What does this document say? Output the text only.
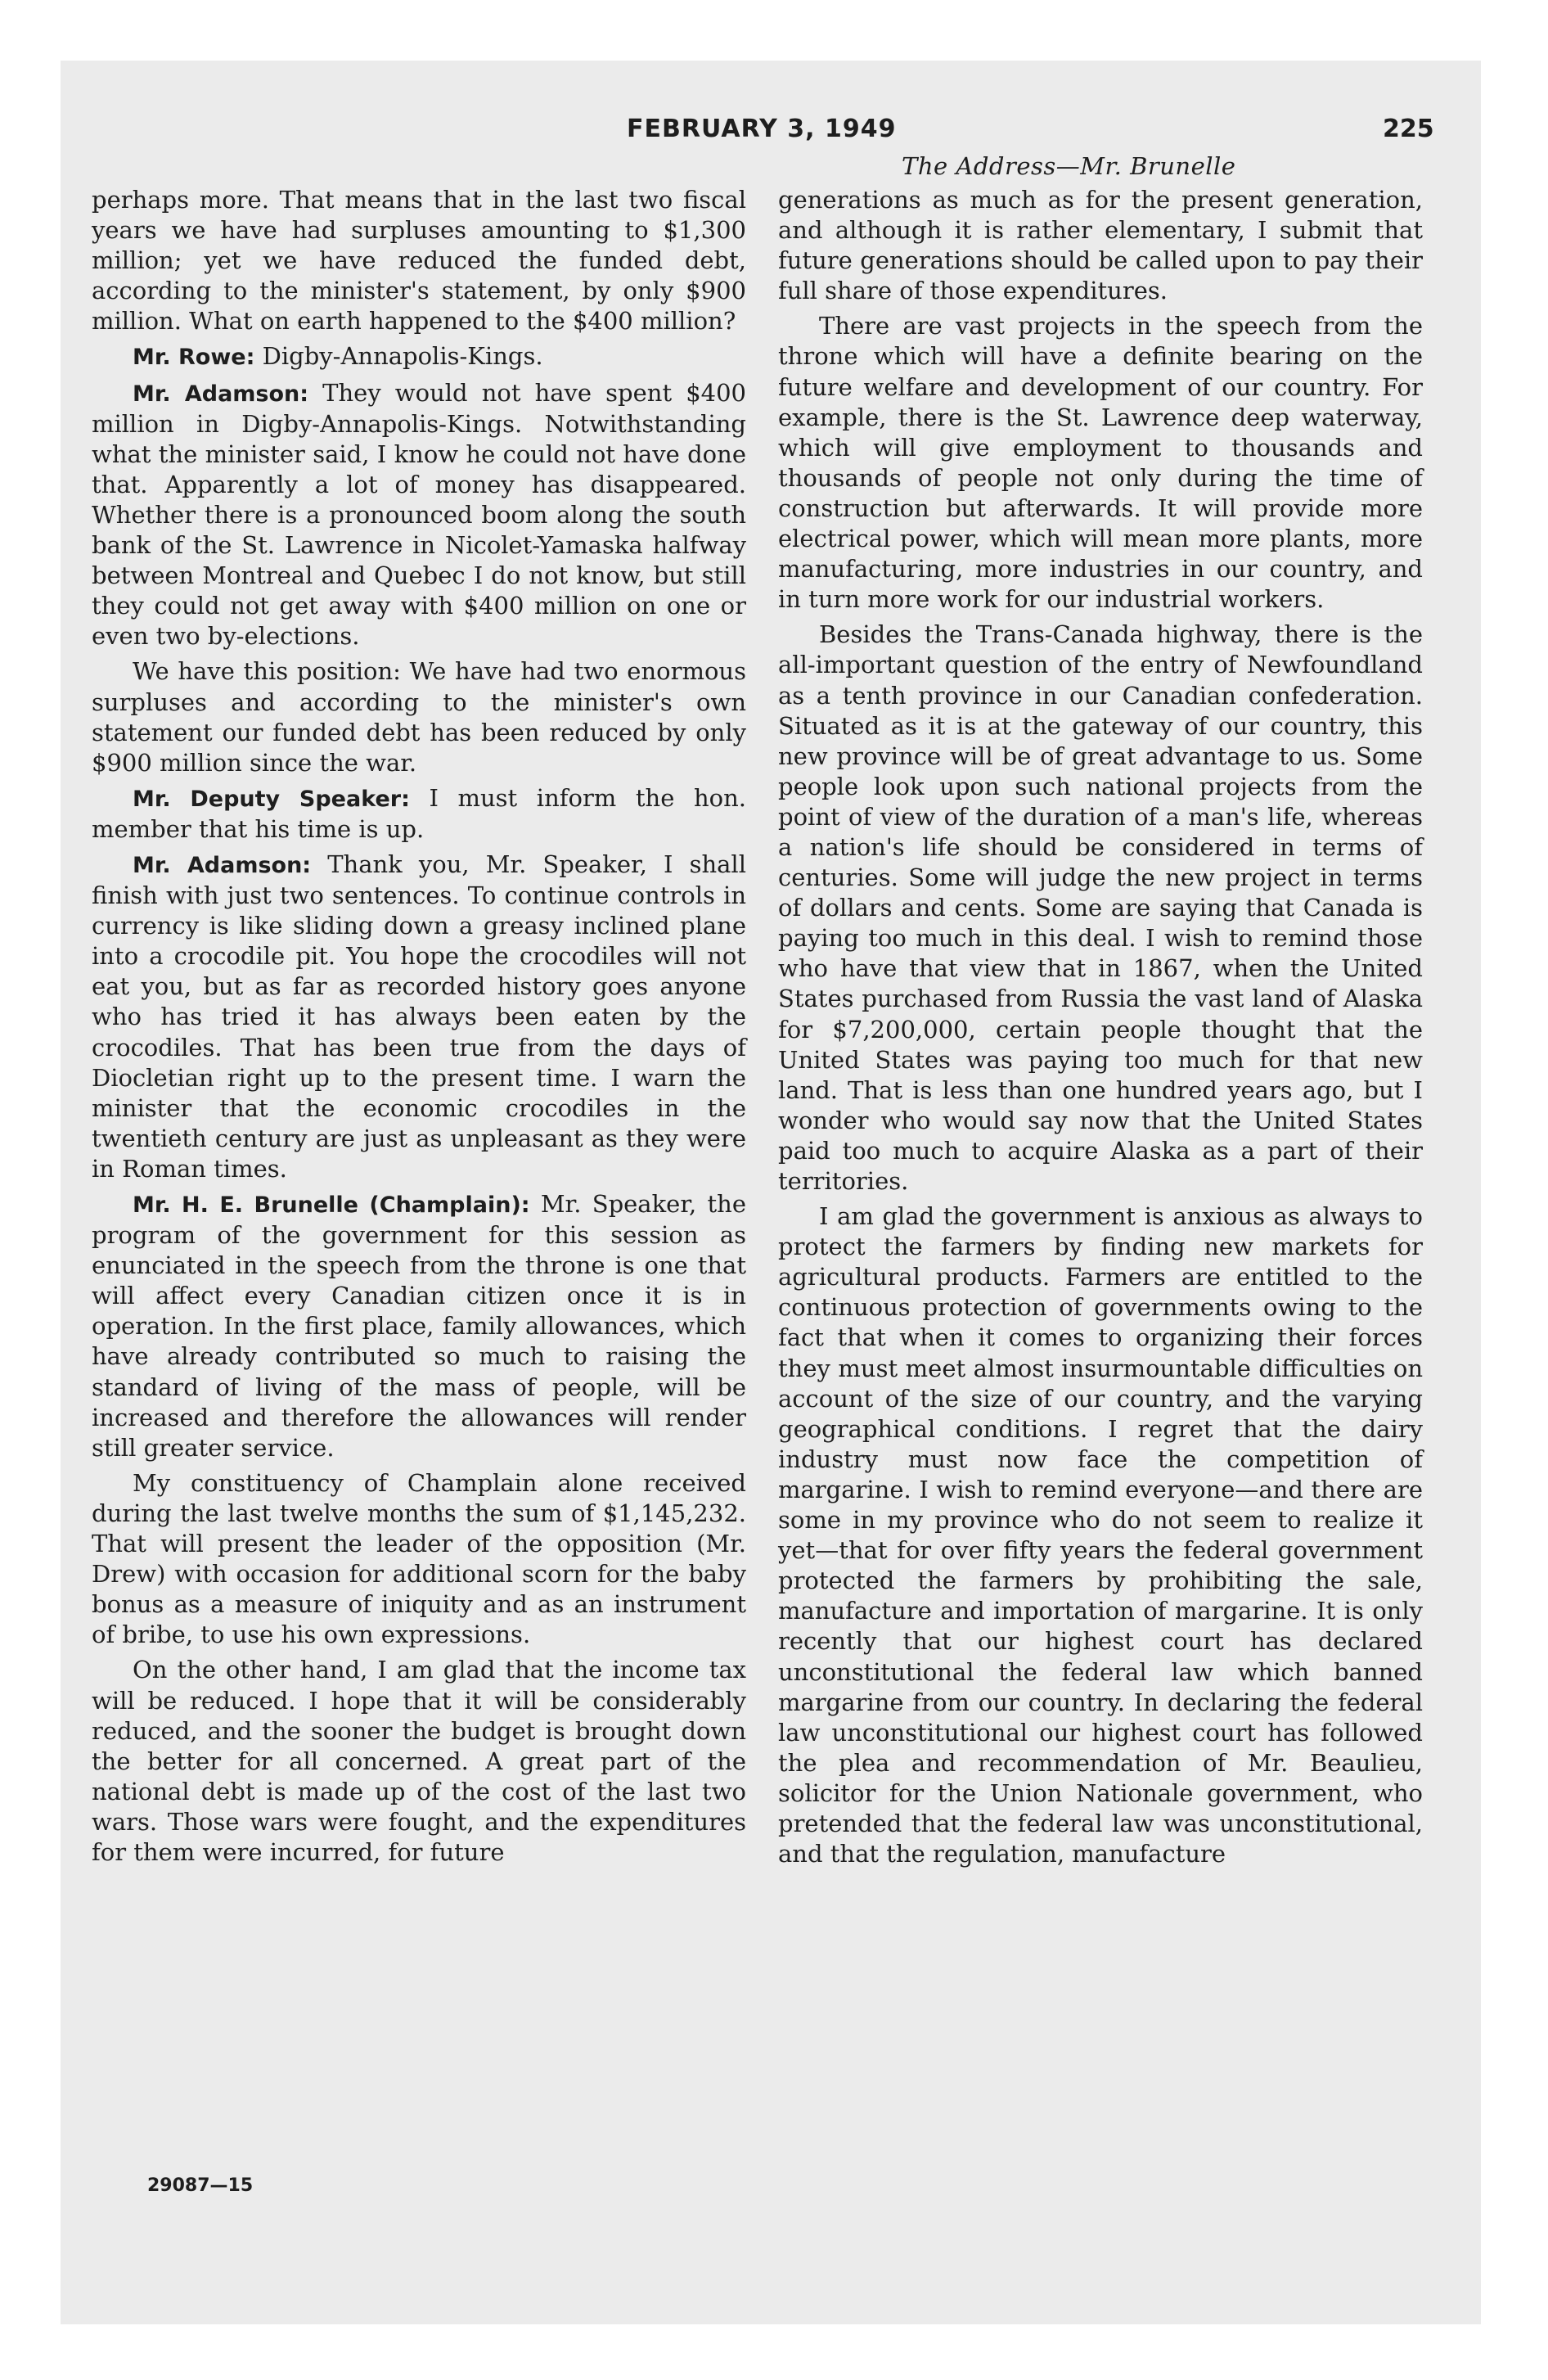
FEBRUARY 3, 1949	225
The Address—Mr. Brunelle

perhaps more. That means that in the last two fiscal years we have had surpluses amounting to $1,300 million; yet we have reduced the funded debt, according to the minister's statement, by only $900 million. What on earth happened to the $400 million?

Mr. Rowe: Digby-Annapolis-Kings.

Mr. Adamson: They would not have spent $400 million in Digby-Annapolis-Kings. Notwithstanding what the minister said, I know he could not have done that. Apparently a lot of money has disappeared. Whether there is a pronounced boom along the south bank of the St. Lawrence in Nicolet-Yamaska halfway between Montreal and Quebec I do not know, but still they could not get away with $400 million on one or even two by-elections.

We have this position: We have had two enormous surpluses and according to the minister's own statement our funded debt has been reduced by only $900 million since the war.

Mr. Deputy Speaker: I must inform the hon. member that his time is up.

Mr. Adamson: Thank you, Mr. Speaker, I shall finish with just two sentences. To continue controls in currency is like sliding down a greasy inclined plane into a crocodile pit. You hope the crocodiles will not eat you, but as far as recorded history goes anyone who has tried it has always been eaten by the crocodiles. That has been true from the days of Diocletian right up to the present time. I warn the minister that the economic crocodiles in the twentieth century are just as unpleasant as they were in Roman times.

Mr. H. E. Brunelle (Champlain): Mr. Speaker, the program of the government for this session as enunciated in the speech from the throne is one that will affect every Canadian citizen once it is in operation. In the first place, family allowances, which have already contributed so much to raising the standard of living of the mass of people, will be increased and therefore the allowances will render still greater service.

My constituency of Champlain alone received during the last twelve months the sum of $1,145,232. That will present the leader of the opposition (Mr. Drew) with occasion for additional scorn for the baby bonus as a measure of iniquity and as an instrument of bribe, to use his own expressions.

On the other hand, I am glad that the income tax will be reduced. I hope that it will be considerably reduced, and the sooner the budget is brought down the better for all concerned. A great part of the national debt is made up of the cost of the last two wars. Those wars were fought, and the expenditures for them were incurred, for future

generations as much as for the present generation, and although it is rather elementary, I submit that future generations should be called upon to pay their full share of those expenditures.

There are vast projects in the speech from the throne which will have a definite bearing on the future welfare and development of our country. For example, there is the St. Lawrence deep waterway, which will give employment to thousands and thousands of people not only during the time of construction but afterwards. It will provide more electrical power, which will mean more plants, more manufacturing, more industries in our country, and in turn more work for our industrial workers.

Besides the Trans-Canada highway, there is the all-important question of the entry of Newfoundland as a tenth province in our Canadian confederation. Situated as it is at the gateway of our country, this new province will be of great advantage to us. Some people look upon such national projects from the point of view of the duration of a man's life, whereas a nation's life should be considered in terms of centuries. Some will judge the new project in terms of dollars and cents. Some are saying that Canada is paying too much in this deal. I wish to remind those who have that view that in 1867, when the United States purchased from Russia the vast land of Alaska for $7,200,000, certain people thought that the United States was paying too much for that new land. That is less than one hundred years ago, but I wonder who would say now that the United States paid too much to acquire Alaska as a part of their territories.

I am glad the government is anxious as always to protect the farmers by finding new markets for agricultural products. Farmers are entitled to the continuous protection of governments owing to the fact that when it comes to organizing their forces they must meet almost insurmountable difficulties on account of the size of our country, and the varying geographical conditions. I regret that the dairy industry must now face the competition of margarine. I wish to remind everyone—and there are some in my province who do not seem to realize it yet—that for over fifty years the federal government protected the farmers by prohibiting the sale, manufacture and importation of margarine. It is only recently that our highest court has declared unconstitutional the federal law which banned margarine from our country. In declaring the federal law unconstitutional our highest court has followed the plea and recommendation of Mr. Beaulieu, solicitor for the Union Nationale government, who pretended that the federal law was unconstitutional, and that the regulation, manufacture

29087—15
